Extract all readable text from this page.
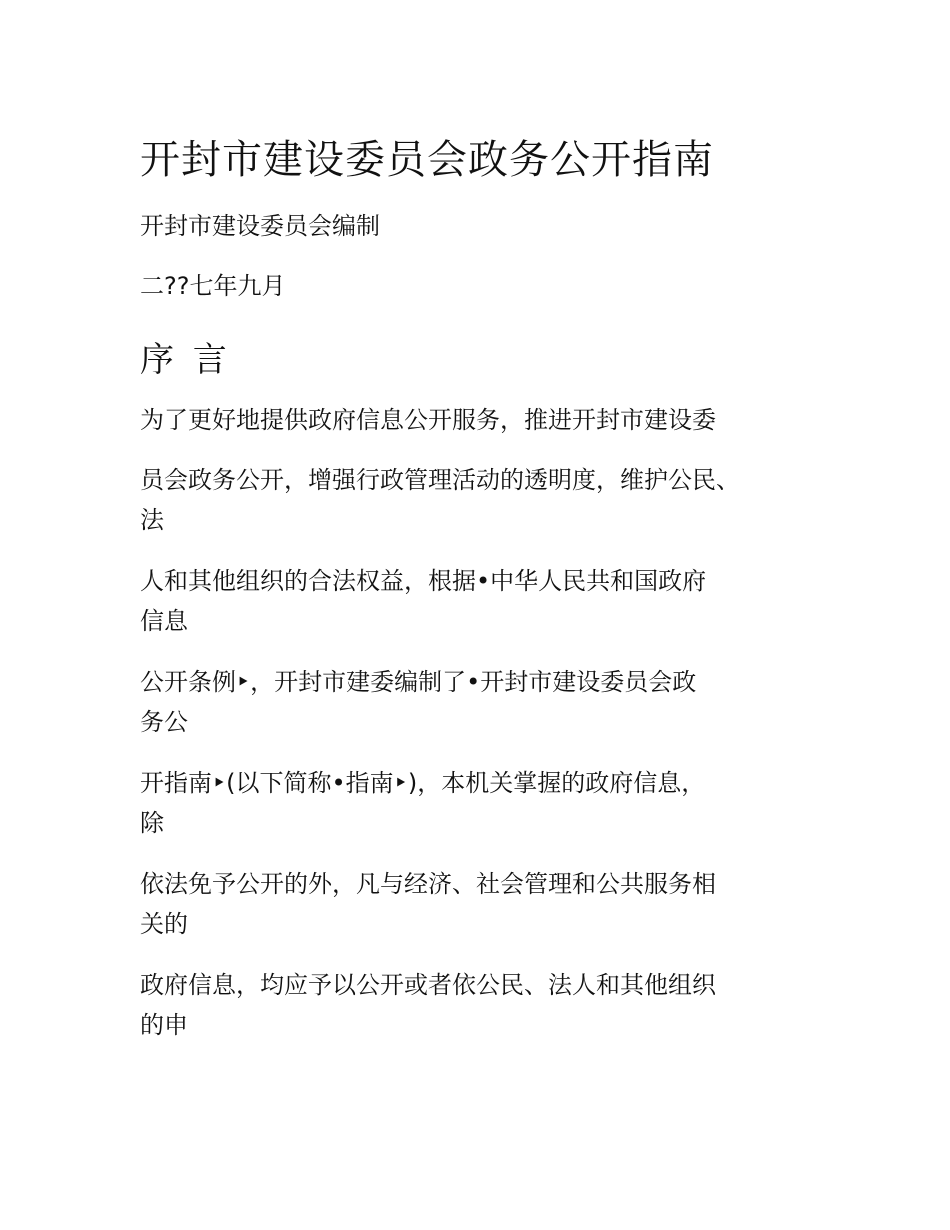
开封市建设委员会政务公开指南

开封市建设委员会编制

二??七年九月

序 言

为了更好地提供政府信息公开服务，推进开封市建设委

员会政务公开，增强行政管理活动的透明度，维护公民、
法

人和其他组织的合法权益，根据•中华人民共和国政府
信息

公开条例‣，开封市建委编制了•开封市建设委员会政
务公

开指南‣(以下简称•指南‣)，本机关掌握的政府信息，
除

依法免予公开的外，凡与经济、社会管理和公共服务相
关的

政府信息，均应予以公开或者依公民、法人和其他组织
的申
